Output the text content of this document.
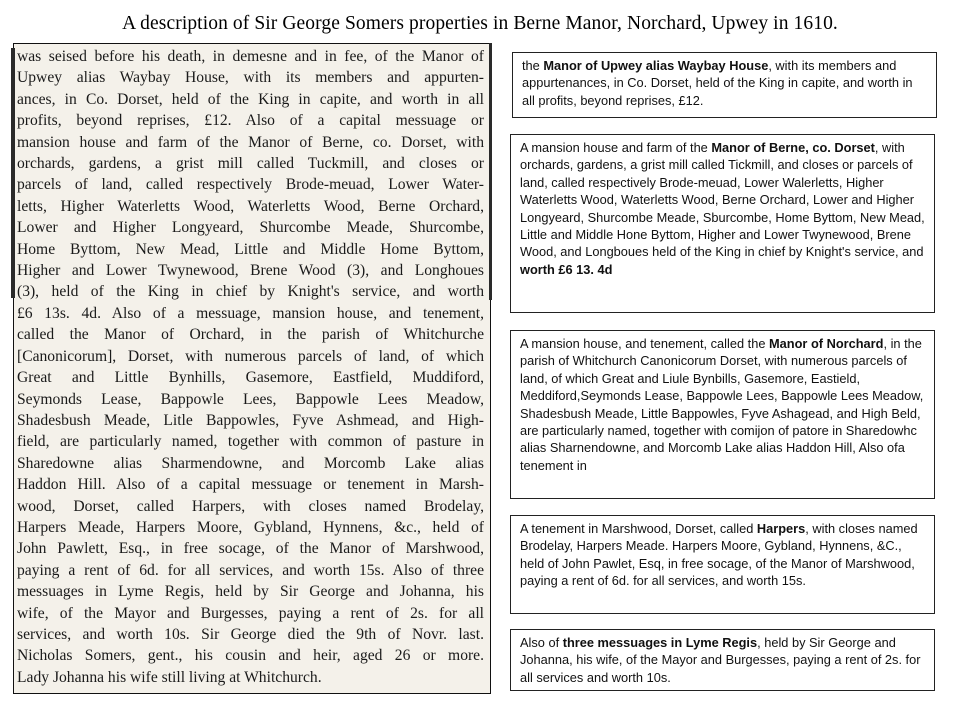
A description of Sir George Somers properties in Berne Manor, Norchard, Upwey in 1610.
was seised before his death, in demesne and in fee, of the Manor of
Upwey alias Waybay House, with its members and appurten-
ances, in Co. Dorset, held of the King in capite, and worth in all
profits, beyond reprises, £12. Also of a capital messuage or
mansion house and farm of the Manor of Berne, co. Dorset, with
orchards, gardens, a grist mill called Tuckmill, and closes or
parcels of land, called respectively Brode-meuad, Lower Water-
letts, Higher Waterletts Wood, Waterletts Wood, Berne Orchard,
Lower and Higher Longyeard, Shurcombe Meade, Shurcombe,
Home Byttom, New Mead, Little and Middle Home Byttom,
Higher and Lower Twynewood, Brene Wood (3), and Longhoues
(3), held of the King in chief by Knight's service, and worth
£6 13s. 4d. Also of a messuage, mansion house, and tenement,
called the Manor of Orchard, in the parish of Whitchurche
[Canonicorum], Dorset, with numerous parcels of land, of which
Great and Little Bynhills, Gasemore, Eastfield, Muddiford,
Seymonds Lease, Bappowle Lees, Bappowle Lees Meadow,
Shadesbush Meade, Litle Bappowles, Fyve Ashmead, and High-
field, are particularly named, together with common of pasture in
Sharedowne alias Sharmendowne, and Morcomb Lake alias
Haddon Hill. Also of a capital messuage or tenement in Marsh-
wood, Dorset, called Harpers, with closes named Brodelay,
Harpers Meade, Harpers Moore, Gybland, Hynnens, &c., held of
John Pawlett, Esq., in free socage, of the Manor of Marshwood,
paying a rent of 6d. for all services, and worth 15s. Also of three
messuages in Lyme Regis, held by Sir George and Johanna, his
wife, of the Mayor and Burgesses, paying a rent of 2s. for all
services, and worth 10s. Sir George died the 9th of Novr. last.
Nicholas Somers, gent., his cousin and heir, aged 26 or more.
Lady Johanna his wife still living at Whitchurch.
the Manor of Upwey alias Waybay House, with its members and appurtenances, in Co. Dorset, held of the King in capite, and worth in all profits, beyond reprises, £12.
A mansion house and farm of the Manor of Berne, co. Dorset, with orchards, gardens, a grist mill called Tickmill, and closes or parcels of land, called respectively Brode-meuad, Lower Walerletts, Higher Waterletts Wood, Waterletts Wood, Berne Orchard, Lower and Higher Longyeard, Shurcombe Meade, Sburcombe, Home Byttom, New Mead, Little and Middle Hone Byttom, Higher and Lower Twynewood, Brene Wood, and Longboues held of the King in chief by Knight's service, and worth £6 13. 4d
A mansion house, and tenement, called the Manor of Norchard, in the parish of Whitchurch Canonicorum Dorset, with numerous parcels of land, of which Great and Liule Bynbills, Gasemore, Eastield, Meddiford,Seymonds Lease, Bappowle Lees, Bappowle Lees Meadow, Shadesbush Meade, Little Bappowles, Fyve Ashagead, and High Beld, are particularly named, together with comijon of patore in Sharedowhc alias Sharnendowne, and Morcomb Lake alias Haddon Hill, Also ofa tenement in
A tenement in Marshwood, Dorset, called Harpers, with closes named Brodelay, Harpers Meade. Harpers Moore, Gybland, Hynnens, &C., held of John Pawlet, Esq, in free socage, of the Manor of Marshwood, paying a rent of 6d. for all services, and worth 15s.
Also of three messuages in Lyme Regis, held by Sir George and Johanna, his wife, of the Mayor and Burgesses, paying a rent of 2s. for all services and worth 10s.
